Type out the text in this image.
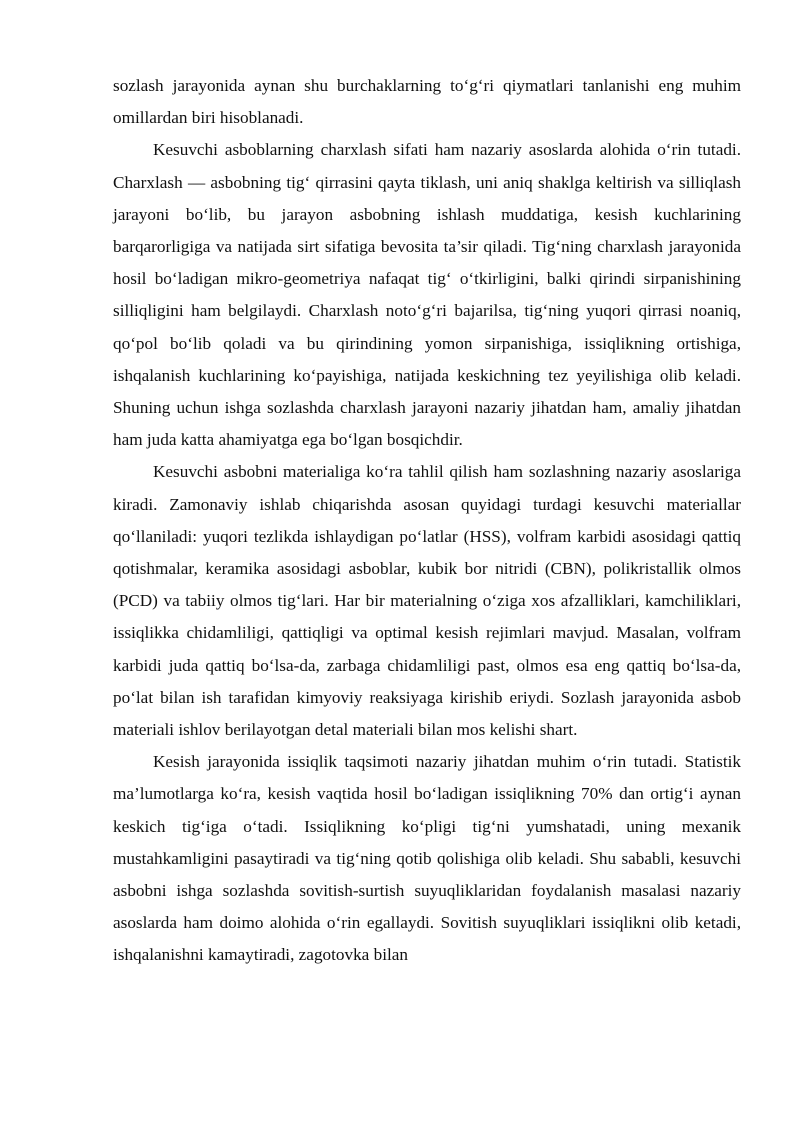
sozlash jarayonida aynan shu burchaklarning to‘g‘ri qiymatlari tanlanishi eng muhim omillardan biri hisoblanadi.

Kesuvchi asboblarning charxlash sifati ham nazariy asoslarda alohida o‘rin tutadi. Charxlash — asbobning tig‘ qirrasini qayta tiklash, uni aniq shaklga keltirish va silliqlash jarayoni bo‘lib, bu jarayon asbobning ishlash muddatiga, kesish kuchlarining barqarorligiga va natijada sirt sifatiga bevosita ta’sir qiladi. Tig‘ning charxlash jarayonida hosil bo‘ladigan mikro-geometriya nafaqat tig‘ o‘tkirligini, balki qirindi sirpanishining silliqligini ham belgilaydi. Charxlash noto‘g‘ri bajarilsa, tig‘ning yuqori qirrasi noaniq, qo‘pol bo‘lib qoladi va bu qirindining yomon sirpanishiga, issiqlikning ortishiga, ishqalanish kuchlarining ko‘payishiga, natijada keskichning tez yeyilishiga olib keladi. Shuning uchun ishga sozlashda charxlash jarayoni nazariy jihatdan ham, amaliy jihatdan ham juda katta ahamiyatga ega bo‘lgan bosqichdir.

Kesuvchi asbobni materialiga ko‘ra tahlil qilish ham sozlashning nazariy asoslariga kiradi. Zamonaviy ishlab chiqarishda asosan quyidagi turdagi kesuvchi materiallar qo‘llaniladi: yuqori tezlikda ishlaydigan po‘latlar (HSS), volfram karbidi asosidagi qattiq qotishmalar, keramika asosidagi asboblar, kubik bor nitridi (CBN), polikristallik olmos (PCD) va tabiiy olmos tig‘lari. Har bir materialning o‘ziga xos afzalliklari, kamchiliklari, issiqlikka chidamliligi, qattiqligi va optimal kesish rejimlari mavjud. Masalan, volfram karbidi juda qattiq bo‘lsa-da, zarbaga chidamliligi past, olmos esa eng qattiq bo‘lsa-da, po‘lat bilan ish tarafidan kimyoviy reaksiyaga kirishib eriydi. Sozlash jarayonida asbob materiali ishlov berilayotgan detal materiali bilan mos kelishi shart.

Kesish jarayonida issiqlik taqsimoti nazariy jihatdan muhim o‘rin tutadi. Statistik ma’lumotlarga ko‘ra, kesish vaqtida hosil bo‘ladigan issiqlikning 70% dan ortig‘i aynan keskich tig‘iga o‘tadi. Issiqlikning ko‘pligi tig‘ni yumshatadi, uning mexanik mustahkamligini pasaytiradi va tig‘ning qotib qolishiga olib keladi. Shu sababli, kesuvchi asbobni ishga sozlashda sovitish-surtish suyuqliklaridan foydalanish masalasi nazariy asoslarda ham doimo alohida o‘rin egallaydi. Sovitish suyuqliklari issiqlikni olib ketadi, ishqalanishni kamaytiradi, zagotovka bilan
